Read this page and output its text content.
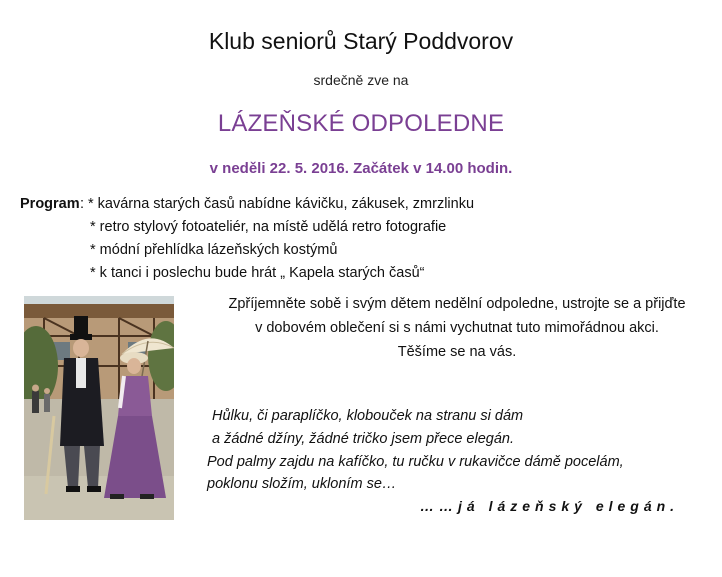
Klub seniorů Starý Poddvorov
srdečně zve na
LÁZEŇSKÉ ODPOLEDNE
v neděli 22. 5. 2016. Začátek v 14.00 hodin.
Program : * kavárna starých časů nabídne kávičku, zákusek, zmrzlinku
* retro stylový fotoateliér, na místě udělá retro fotografie
* módní přehlídka lázeňských kostýmů
* k tanci i poslechu bude hrát „ Kapela starých časů“
Zpříjemněte sobě i svým dětem nedělní odpoledne, ustrojte se a přijďte
v dobovém oblečení si s námi vychutnat tuto mimořádnou akci.
Těšíme se na vás.
Hůlku, či paraplíčko, klobouček na stranu si dám
a žádné džíny, žádné tričko jsem přece elegán.
Pod palmy zajdu na kafíčko, tu ručku v rukavičce dámě pocelám,
poklonu složím, ukloním se…
……já lázeňský elegán.
